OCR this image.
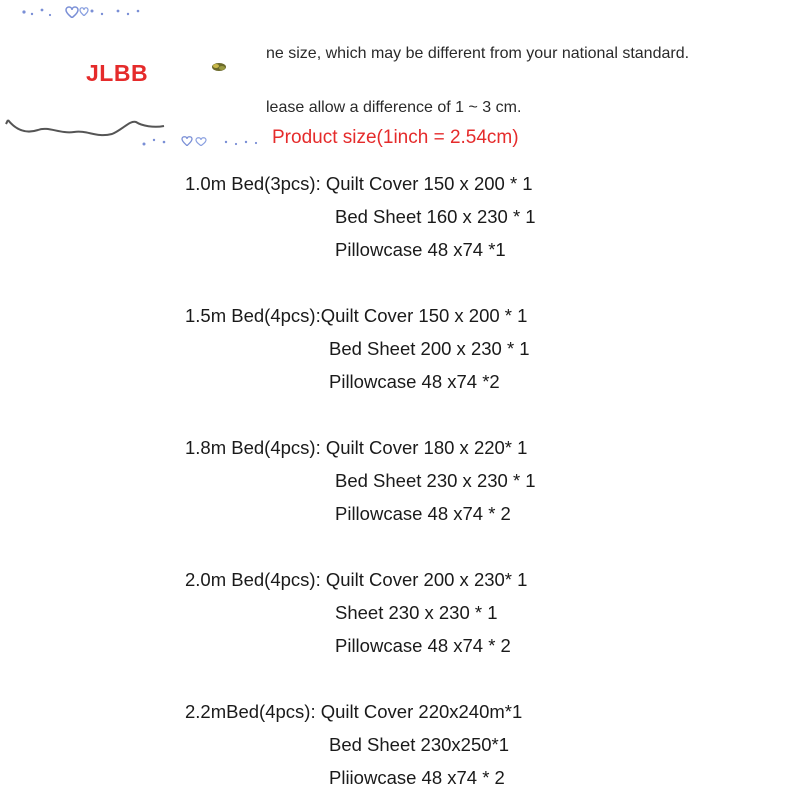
JLBB
ne size, which may be different from your national standard.
lease allow a difference of 1 ~ 3 cm.
Product size(1inch = 2.54cm)
1.0m Bed(3pcs): Quilt Cover 150 x 200 * 1
Bed Sheet 160 x 230 * 1
Pillowcase 48 x74 *1
1.5m Bed(4pcs):Quilt Cover 150 x 200 * 1
Bed Sheet 200 x 230 * 1
Pillowcase 48 x74 *2
1.8m Bed(4pcs): Quilt Cover 180 x 220* 1
Bed Sheet 230 x 230 * 1
Pillowcase 48 x74 * 2
2.0m Bed(4pcs): Quilt Cover 200 x 230* 1
Sheet 230 x 230 * 1
Pillowcase 48 x74 * 2
2.2mBed(4pcs): Quilt Cover 220x240m*1
Bed Sheet 230x250*1
Pliiowcase 48 x74 * 2
